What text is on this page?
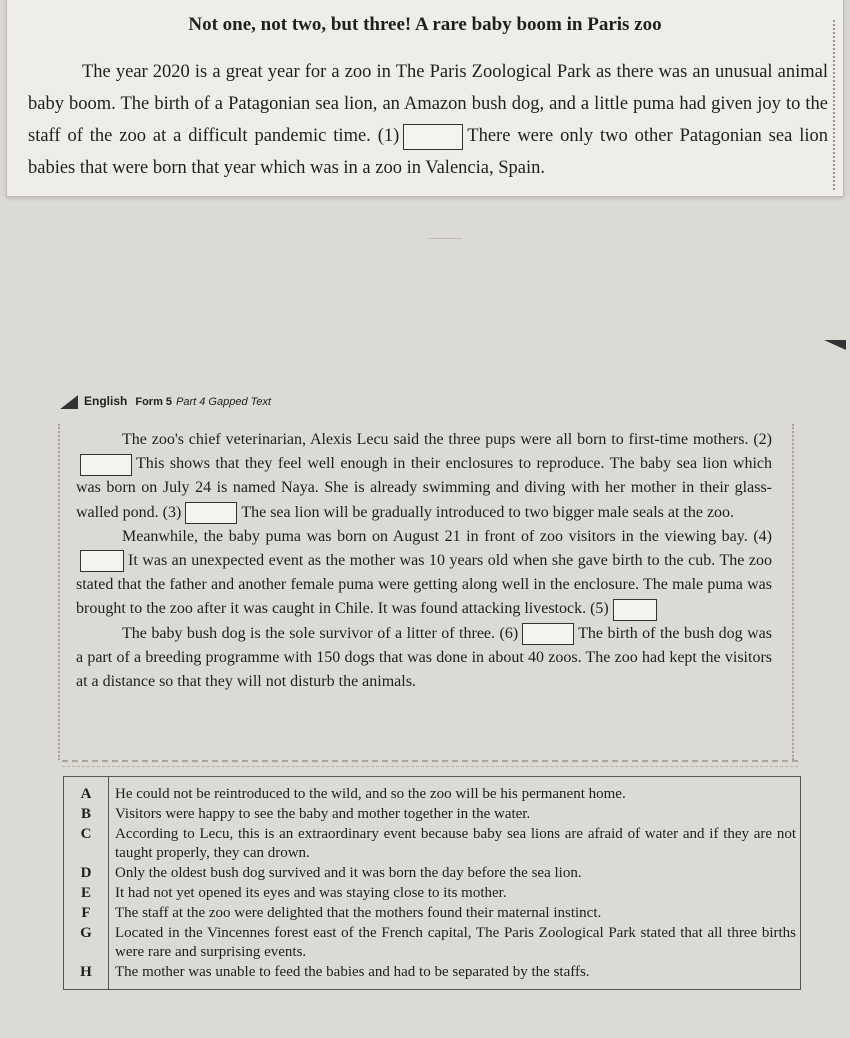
Not one, not two, but three! A rare baby boom in Paris zoo

The year 2020 is a great year for a zoo in The Paris Zoological Park as there was an unusual animal baby boom. The birth of a Patagonian sea lion, an Amazon bush dog, and a little puma had given joy to the staff of the zoo at a difficult pandemic time. (1)	There were only two other Patagonian sea lion babies that were born that year which was in a zoo in Valencia, Spain.

English Form 5 Part 4 Gapped Text

The zoo's chief veterinarian, Alexis Lecu said the three pups were all born to first-time mothers. (2)This shows that they feel well enough in their enclosures to reproduce. The baby sea lion which was born on July 24 is named Naya. She is already swimming and diving with her mother in their glass-walled pond. (3)	The sea lion will be gradually introduced to two bigger male seals at the zoo.

Meanwhile, the baby puma was born on August 21 in front of zoo visitors in the viewing bay. (4)It was an unexpected event as the mother was 10 years old when she gave birth to the cub. The zoo stated that the father and another female puma were getting along well in the enclosure. The male puma was brought to the zoo after it was caught in Chile. It was found attacking livestock. (5)

The baby bush dog is the sole survivor of a litter of three. (6)	The birth of the bush dog was a part of a breeding programme with 150 dogs that was done in about 40 zoos. The zoo had kept the visitors at a distance so that they will not disturb the animals.

A	He could not be reintroduced to the wild, and so the zoo will be his permanent home.
B	Visitors were happy to see the baby and mother together in the water.
C	According to Lecu, this is an extraordinary event because baby sea lions are afraid of water and if they are not taught properly, they can drown.
D	Only the oldest bush dog survived and it was born the day before the sea lion.
E	It had not yet opened its eyes and was staying close to its mother.
F	The staff at the zoo were delighted that the mothers found their maternal instinct.
G	Located in the Vincennes forest east of the French capital, The Paris Zoological Park stated that all three births were rare and surprising events.
H	The mother was unable to feed the babies and had to be separated by the staffs.
